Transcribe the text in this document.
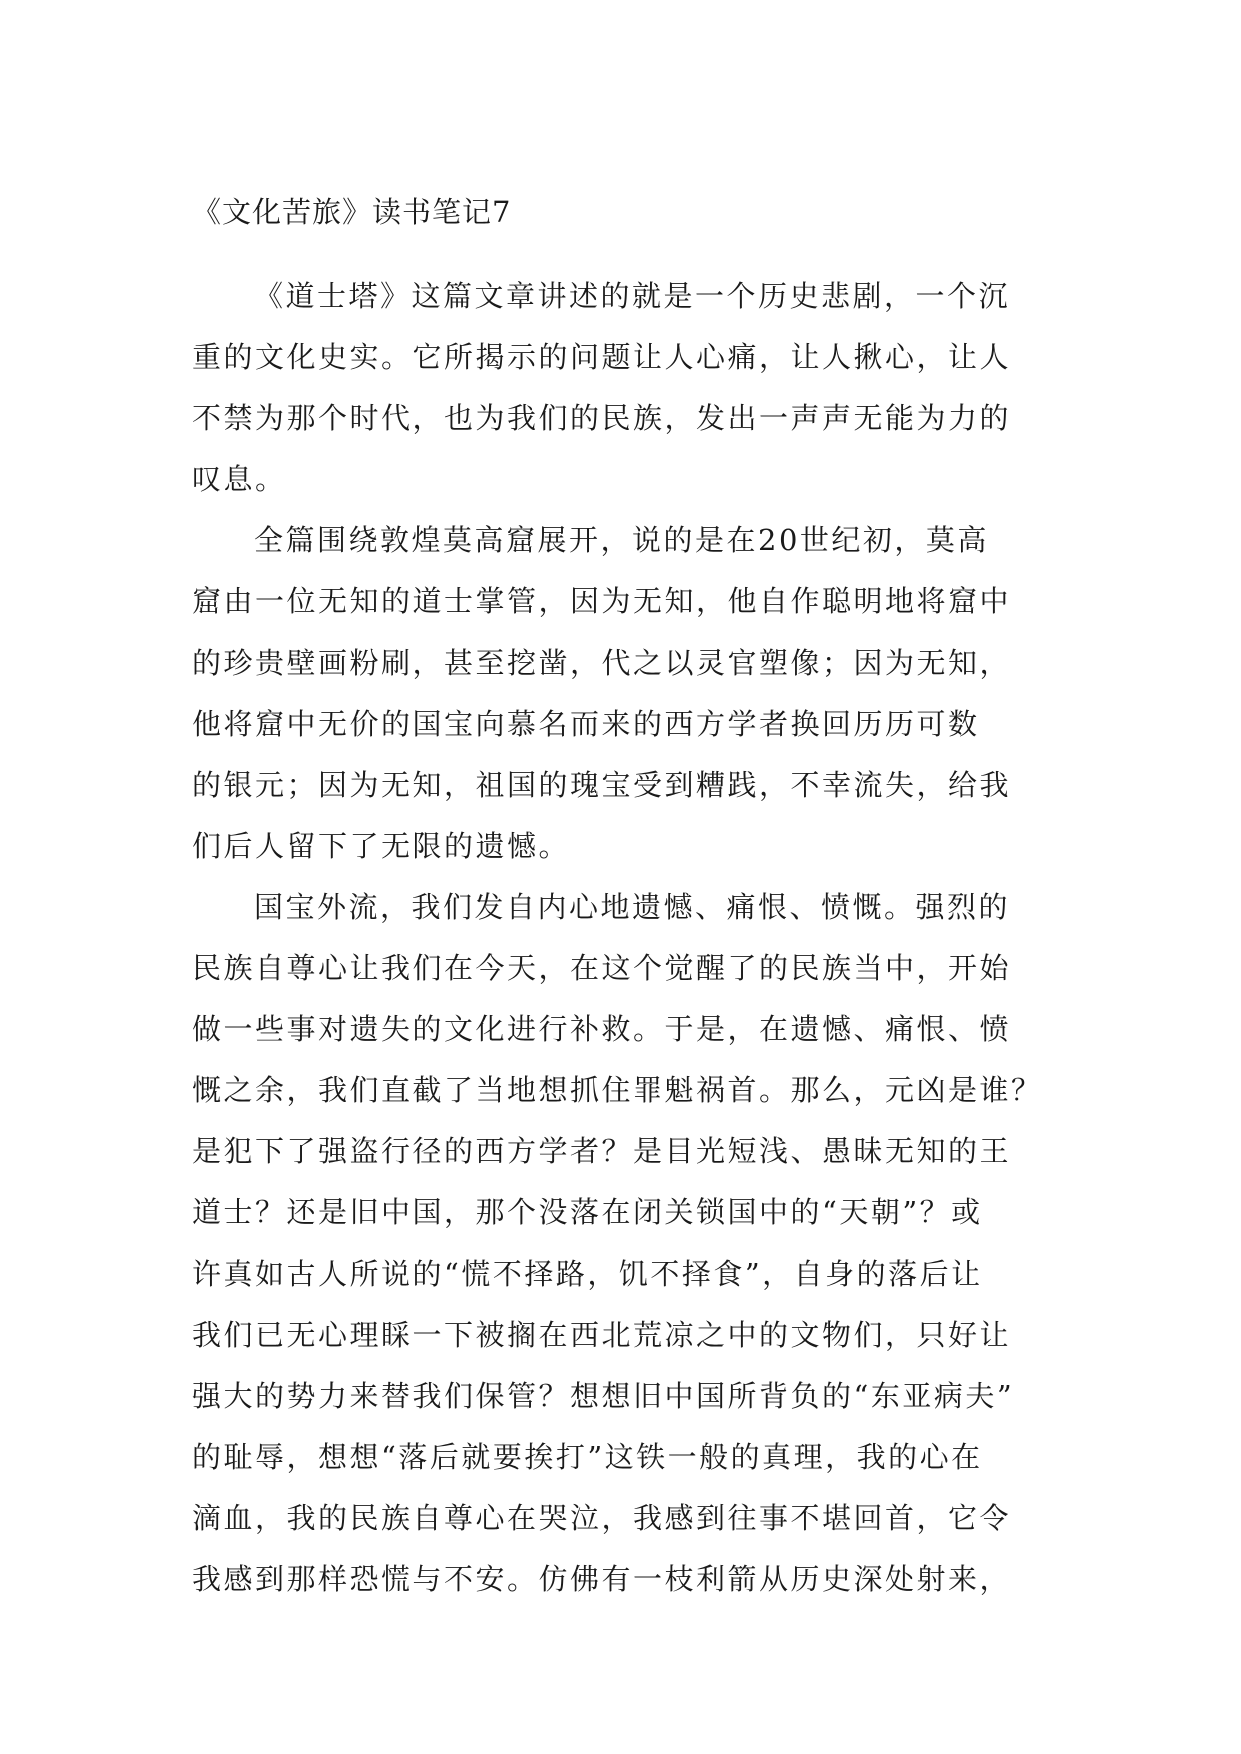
《文化苦旅》读书笔记7
《道士塔》这篇文章讲述的就是一个历史悲剧，一个沉
重的文化史实。它所揭示的问题让人心痛，让人揪心，让人
不禁为那个时代，也为我们的民族，发出一声声无能为力的
叹息。
全篇围绕敦煌莫高窟展开，说的是在20世纪初，莫高
窟由一位无知的道士掌管，因为无知，他自作聪明地将窟中
的珍贵壁画粉刷，甚至挖凿，代之以灵官塑像；因为无知，
他将窟中无价的国宝向慕名而来的西方学者换回历历可数
的银元；因为无知，祖国的瑰宝受到糟践，不幸流失，给我
们后人留下了无限的遗憾。
国宝外流，我们发自内心地遗憾、痛恨、愤慨。强烈的
民族自尊心让我们在今天，在这个觉醒了的民族当中，开始
做一些事对遗失的文化进行补救。于是，在遗憾、痛恨、愤
慨之余，我们直截了当地想抓住罪魁祸首。那么，元凶是谁？
是犯下了强盗行径的西方学者？是目光短浅、愚昧无知的王
道士？还是旧中国，那个没落在闭关锁国中的“天朝”？或
许真如古人所说的“慌不择路，饥不择食”，自身的落后让
我们已无心理睬一下被搁在西北荒凉之中的文物们，只好让
强大的势力来替我们保管？想想旧中国所背负的“东亚病夫”
的耻辱，想想“落后就要挨打”这铁一般的真理，我的心在
滴血，我的民族自尊心在哭泣，我感到往事不堪回首，它令
我感到那样恐慌与不安。仿佛有一枝利箭从历史深处射来，
